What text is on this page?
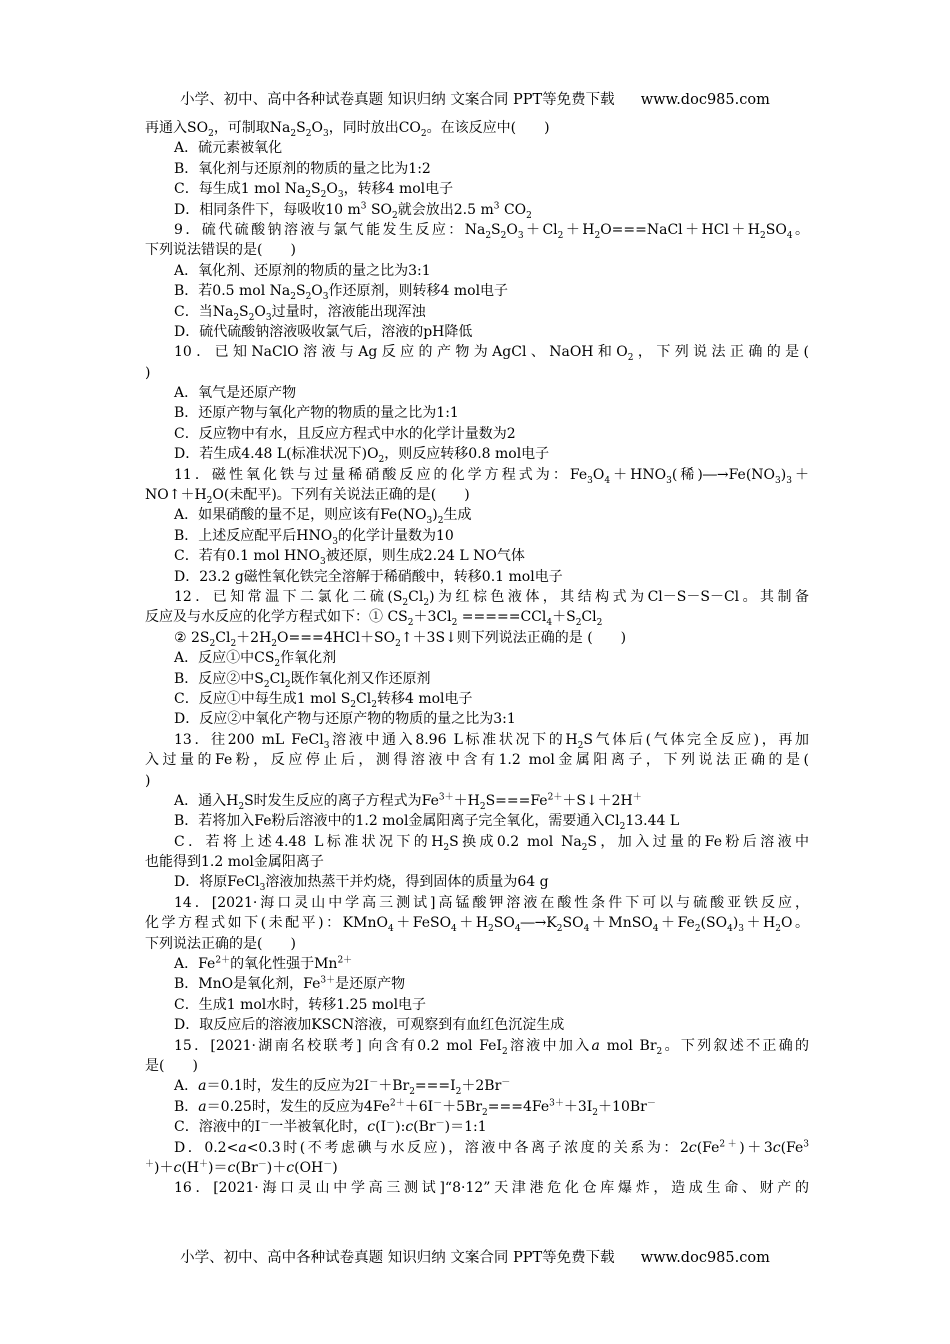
小学、初中、高中各种试卷真题 知识归纳 文案合同 PPT等免费下载 www.doc985.com
再通入$SO_2$，可制取$Na_2S_2O_3$，同时放出$CO_2$。在该反应中(　　)
A．硫元素被氧化
B．氧化剂与还原剂的物质的量之比为1:2
C．每生成1 mol $Na_2S_2O_3$，转移4 mol电子
D．相同条件下，每吸收10 $m^3$ $SO_2$就会放出2.5 $m^3$ $CO_2$
9．硫代硫酸钠溶液与氯气能发生反应：$Na_2S_2O_3+Cl_2+H_2O===NaCl+HCl+H_2SO_4$。
下列说法错误的是(　　)
A．氧化剂、还原剂的物质的量之比为3:1
B．若0.5 mol $Na_2S_2O_3$作还原剂，则转移4 mol电子
C．当$Na_2S_2O_3$过量时，溶液能出现浑浊
D．硫代硫酸钠溶液吸收氯气后，溶液的pH降低
10．已知NaClO溶液与Ag反应的产物为AgCl、NaOH和$O_2$，下列说法正确的是(
)
A．氧气是还原产物
B．还原产物与氧化产物的物质的量之比为1:1
C．反应物中有水，且反应方程式中水的化学计量数为2
D．若生成4.48 L(标准状况下)$O_2$，则反应转移0.8 mol电子
11．磁性氧化铁与过量稀硝酸反应的化学方程式为：$Fe_3O_4+HNO_3$(稀)$―\to Fe(NO_3)_3+$
$NO↑+H_2O$(未配平)。下列有关说法正确的是(　　)
A．如果硝酸的量不足，则应该有$Fe(NO_3)_2$生成
B．上述反应配平后$HNO_3$的化学计量数为10
C．若有0.1 mol $HNO_3$被还原，则生成2.24 L NO气体
D．23.2 g磁性氧化铁完全溶解于稀硝酸中，转移0.1 mol电子
12．已知常温下二氯化二硫$(S_2Cl_2)$为红棕色液体，其结构式为Cl－S－S－Cl。其制备
反应及与水反应的化学方程式如下：① $CS_2+3Cl_2 =====CCl_4+S_2Cl_2$
② $2S_2Cl_2+2H_2O===4HCl+SO_2↑+3S↓$则下列说法正确的是 (　　)
A．反应①中$CS_2$作氧化剂
B．反应②中$S_2Cl_2$既作氧化剂又作还原剂
C．反应①中每生成1 mol $S_2Cl_2$转移4 mol电子
D．反应②中氧化产物与还原产物的物质的量之比为3:1
13．往200 mL FeCl$_3$溶液中通入8.96 L标准状况下的$H_2S$气体后(气体完全反应)，再加
入过量的Fe粉，反应停止后，测得溶液中含有1.2 mol金属阳离子，下列说法正确的是(
)
A．通入$H_2S$时发生反应的离子方程式为$Fe^{3+}+H_2S===Fe^{2+}+S↓+2H^+$
B．若将加入Fe粉后溶液中的1.2 mol金属阳离子完全氧化，需要通入$Cl_213.44$ L
C．若将上述4.48 L标准状况下的$H_2S$换成0.2 mol $Na_2S$，加入过量的Fe粉后溶液中
也能得到1.2 mol金属阳离子
D．将原FeCl$_3$溶液加热蒸干并灼烧，得到固体的质量为64 g
14．[2021·海口灵山中学高三测试]高锰酸钾溶液在酸性条件下可以与硫酸亚铁反应，
化学方程式如下(未配平)：$KMnO_4+FeSO_4+H_2SO_4―\to K_2SO_4+MnSO_4+Fe_2(SO_4)_3+H_2O$。
下列说法正确的是(　　)
A．$Fe^{2+}$的氧化性强于$Mn^{2+}$
B．MnO是氧化剂，$Fe^{3+}$是还原产物
C．生成1 mol水时，转移1.25 mol电子
D．取反应后的溶液加KSCN溶液，可观察到有血红色沉淀生成
15．[2021·湖南名校联考] 向含有0.2 mol FeI$_2$溶液中加入a mol $Br_2$。下列叙述不正确的
是(　　)
A．a＝0.1时，发生的反应为$2I^-+Br_2===I_2+2Br^-$
B．a＝0.25时，发生的反应为$4Fe^{2+}+6I^-+5Br_2===4Fe^{3+}+3I_2+10Br^-$
C．溶液中的I－一半被氧化时，c(I－):c(Br－)＝1:1
D．0.2<a<0.3时(不考虑碘与水反应)，溶液中各离子浓度的关系为：$2c(Fe^{2+})+3c(Fe^3$
＋)＋c(H＋)＝c(Br－)＋c(OH－)
16．[2021·海口灵山中学高三测试]“8·12”天津港危化仓库爆炸，造成生命、财产的
小学、初中、高中各种试卷真题 知识归纳 文案合同 PPT等免费下载 www.doc985.com
